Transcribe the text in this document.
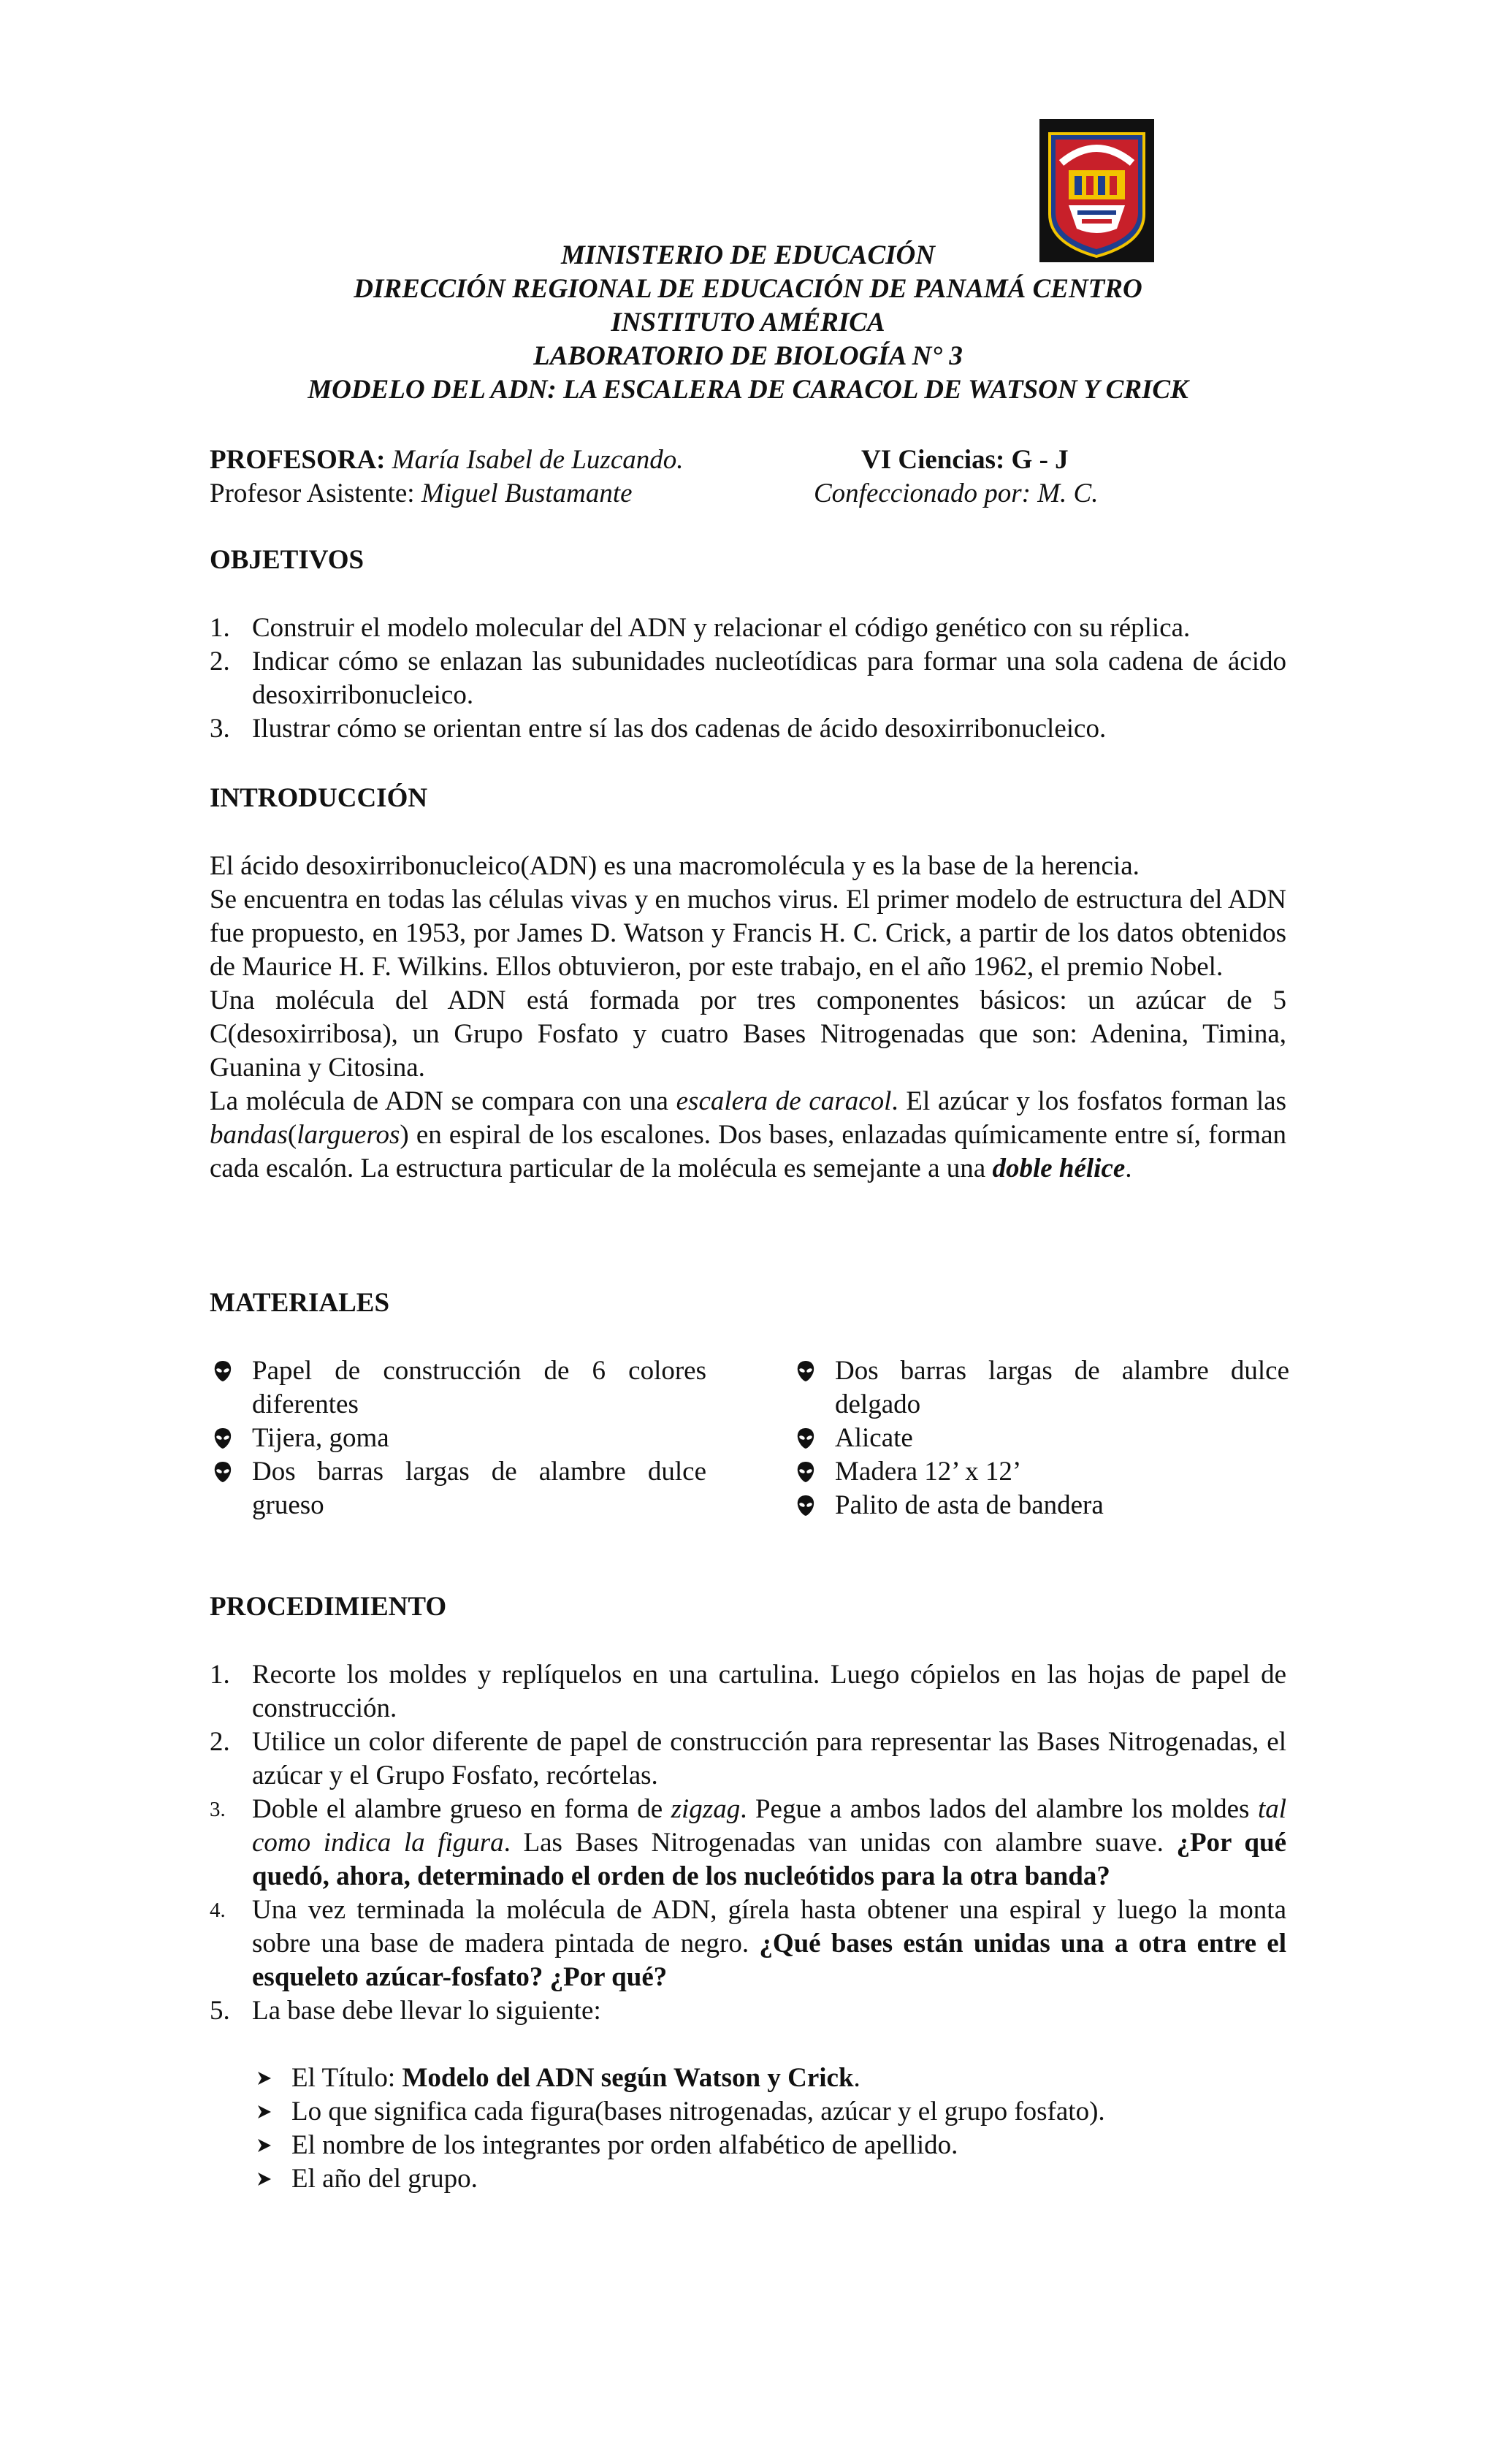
MINISTERIO DE EDUCACIÓN
DIRECCIÓN REGIONAL DE EDUCACIÓN DE PANAMÁ CENTRO
INSTITUTO AMÉRICA
LABORATORIO DE BIOLOGÍA N° 3
MODELO DEL ADN: LA ESCALERA DE CARACOL DE WATSON Y CRICK
PROFESORA: María Isabel de Luzcando.	VI Ciencias: G - J
Profesor Asistente: Miguel Bustamante	Confeccionado por: M. C.
OBJETIVOS
1. Construir el modelo molecular del ADN y relacionar el código genético con su réplica.
2. Indicar cómo se enlazan las subunidades nucleotídicas para formar una sola cadena de ácido desoxirribonucleico.
3. Ilustrar cómo se orientan entre sí las dos cadenas de ácido desoxirribonucleico.
INTRODUCCIÓN

El ácido desoxirribonucleico(ADN) es una macromolécula y es la base de la herencia.

Se encuentra en todas las células vivas y en muchos virus. El primer modelo de estructura del ADN fue propuesto, en 1953, por James D. Watson y Francis H. C. Crick, a partir de los datos obtenidos de Maurice H. F. Wilkins. Ellos obtuvieron, por este trabajo, en el año 1962, el premio Nobel.

Una molécula del ADN está formada por tres componentes básicos: un azúcar de 5 C(desoxirribosa), un Grupo Fosfato y cuatro Bases Nitrogenadas que son: Adenina, Timina, Guanina y Citosina.

La molécula de ADN se compara con una escalera de caracol. El azúcar y los fosfatos forman las bandas(largueros) en espiral de los escalones. Dos bases, enlazadas químicamente entre sí, forman cada escalón. La estructura particular de la molécula es semejante a una doble hélice.

MATERIALES
Papel de construcción de 6 colores diferentes
Tijera, goma
Dos barras largas de alambre dulce grueso
Dos barras largas de alambre dulce delgado
Alicate
Madera 12’ x 12’
Palito de asta de bandera
PROCEDIMIENTO
1. Recorte los moldes y replíquelos en una cartulina. Luego cópielos en las hojas de papel de construcción.
2. Utilice un color diferente de papel de construcción para representar las Bases Nitrogenadas, el azúcar y el Grupo Fosfato, recórtelas.
3. Doble el alambre grueso en forma de zigzag. Pegue a ambos lados del alambre los moldes tal como indica la figura. Las Bases Nitrogenadas van unidas con alambre suave. ¿Por qué quedó, ahora, determinado el orden de los nucleótidos para la otra banda?
4. Una vez terminada la molécula de ADN, gírela hasta obtener una espiral y luego la monta sobre una base de madera pintada de negro. ¿Qué bases están unidas una a otra entre el esqueleto azúcar-fosfato? ¿Por qué?
5. La base debe llevar lo siguiente:
El Título: Modelo del ADN según Watson y Crick.
Lo que significa cada figura(bases nitrogenadas, azúcar y el grupo fosfato).
El nombre de los integrantes por orden alfabético de apellido.
El año del grupo.
